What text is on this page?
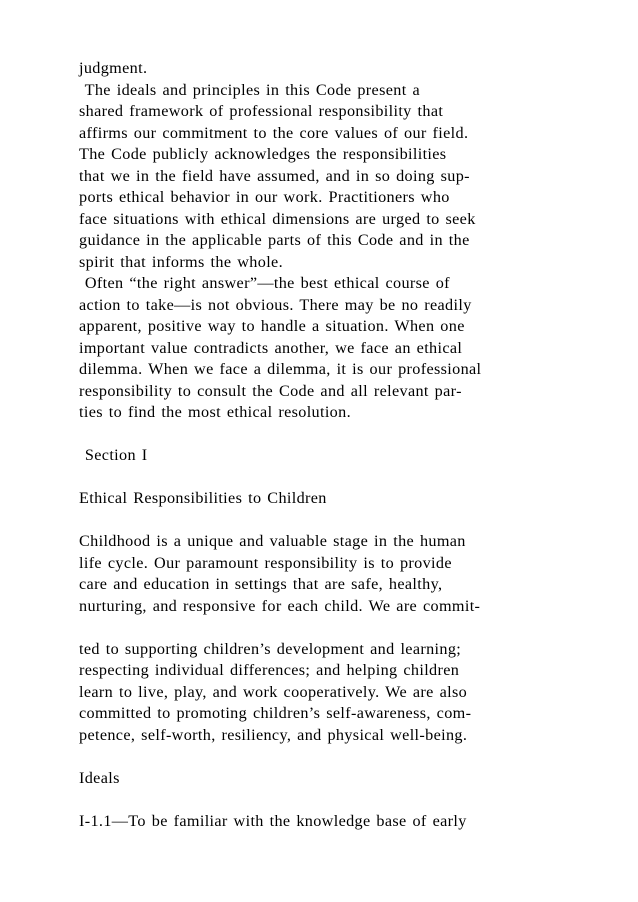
judgment.
The ideals and principles in this Code present a
shared framework of professional responsibility that
affirms our commitment to the core values of our field.
The Code publicly acknowledges the responsibilities
that we in the field have assumed, and in so doing sup-
ports ethical behavior in our work. Practitioners who
face situations with ethical dimensions are urged to seek
guidance in the applicable parts of this Code and in the
spirit that informs the whole.
Often “the right answer”—the best ethical course of
action to take—is not obvious. There may be no readily
apparent, positive way to handle a situation. When one
important value contradicts another, we face an ethical
dilemma. When we face a dilemma, it is our professional
responsibility to consult the Code and all relevant par-
ties to find the most ethical resolution.
Section I
Ethical Responsibilities to Children
Childhood is a unique and valuable stage in the human
life cycle. Our paramount responsibility is to provide
care and education in settings that are safe, healthy,
nurturing, and responsive for each child. We are commit-
ted to supporting children’s development and learning;
respecting individual differences; and helping children
learn to live, play, and work cooperatively. We are also
committed to promoting children’s self-awareness, com-
petence, self-worth, resiliency, and physical well-being.
Ideals
I-1.1—To be familiar with the knowledge base of early
